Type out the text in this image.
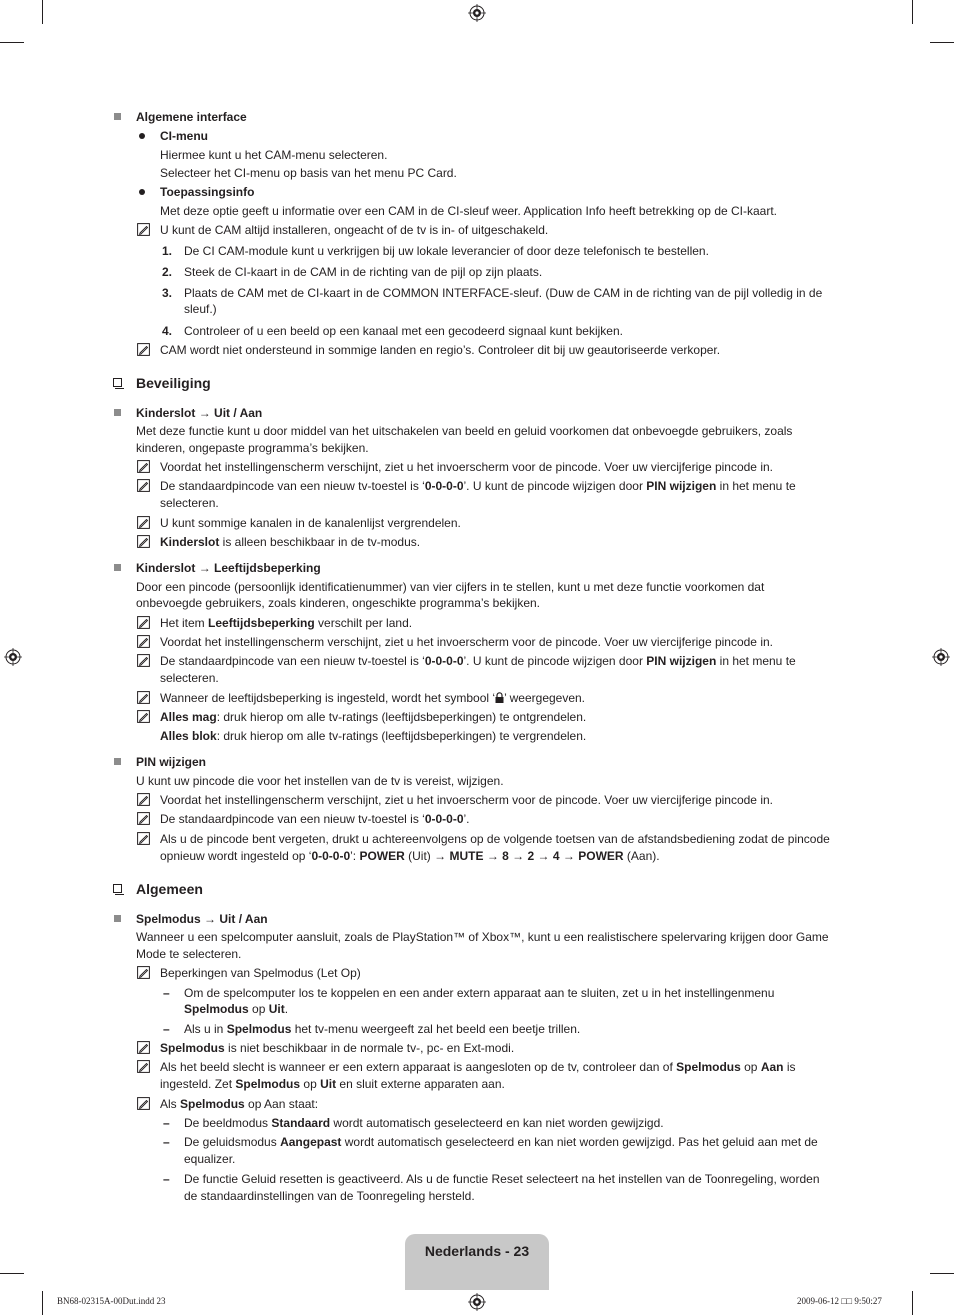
Algemene interface
CI-menu
Hiermee kunt u het CAM-menu selecteren.
Selecteer het CI-menu op basis van het menu PC Card.
Toepassingsinfo
Met deze optie geeft u informatie over een CAM in de CI-sleuf weer. Application Info heeft betrekking op de CI-kaart.
U kunt de CAM altijd installeren, ongeacht of de tv is in- of uitgeschakeld.
1. De CI CAM-module kunt u verkrijgen bij uw lokale leverancier of door deze telefonisch te bestellen.
2. Steek de CI-kaart in de CAM in de richting van de pijl op zijn plaats.
3. Plaats de CAM met de CI-kaart in de COMMON INTERFACE-sleuf. (Duw de CAM in de richting van de pijl volledig in de
sleuf.)
4. Controleer of u een beeld op een kanaal met een gecodeerd signaal kunt bekijken.
CAM wordt niet ondersteund in sommige landen en regio’s. Controleer dit bij uw geautoriseerde verkoper.
Beveiliging
Kinderslot → Uit / Aan
Met deze functie kunt u door middel van het uitschakelen van beeld en geluid voorkomen dat onbevoegde gebruikers, zoals
kinderen, ongepaste programma’s bekijken.
Voordat het instellingenscherm verschijnt, ziet u het invoerscherm voor de pincode. Voer uw viercijferige pincode in.
De standaardpincode van een nieuw tv-toestel is ‘0-0-0-0’. U kunt de pincode wijzigen door PIN wijzigen in het menu te
selecteren.
U kunt sommige kanalen in de kanalenlijst vergrendelen.
Kinderslot is alleen beschikbaar in de tv-modus.
Kinderslot → Leeftijdsbeperking
Door een pincode (persoonlijk identificatienummer) van vier cijfers in te stellen, kunt u met deze functie voorkomen dat
onbevoegde gebruikers, zoals kinderen, ongeschikte programma’s bekijken.
Het item Leeftijdsbeperking verschilt per land.
Voordat het instellingenscherm verschijnt, ziet u het invoerscherm voor de pincode. Voer uw viercijferige pincode in.
De standaardpincode van een nieuw tv-toestel is ‘0-0-0-0’. U kunt de pincode wijzigen door PIN wijzigen in het menu te
selecteren.
Wanneer de leeftijdsbeperking is ingesteld, wordt het symbool ‘ ’ weergegeven.
Alles mag: druk hierop om alle tv-ratings (leeftijdsbeperkingen) te ontgrendelen.
Alles blok: druk hierop om alle tv-ratings (leeftijdsbeperkingen) te vergrendelen.
PIN wijzigen
U kunt uw pincode die voor het instellen van de tv is vereist, wijzigen.
Voordat het instellingenscherm verschijnt, ziet u het invoerscherm voor de pincode. Voer uw viercijferige pincode in.
De standaardpincode van een nieuw tv-toestel is ‘0-0-0-0’.
Als u de pincode bent vergeten, drukt u achtereenvolgens op de volgende toetsen van de afstandsbediening zodat de pincode
opnieuw wordt ingesteld op ‘0-0-0-0’: POWER (Uit) → MUTE → 8 → 2 → 4 → POWER (Aan).
Algemeen
Spelmodus → Uit / Aan
Wanneer u een spelcomputer aansluit, zoals de PlayStation™ of Xbox™, kunt u een realistischere spelervaring krijgen door Game
Mode te selecteren.
Beperkingen van Spelmodus (Let Op)
– Om de spelcomputer los te koppelen en een ander extern apparaat aan te sluiten, zet u in het instellingenmenu
Spelmodus op Uit.
– Als u in Spelmodus het tv-menu weergeeft zal het beeld een beetje trillen.
Spelmodus is niet beschikbaar in de normale tv-, pc- en Ext-modi.
Als het beeld slecht is wanneer er een extern apparaat is aangesloten op de tv, controleer dan of Spelmodus op Aan is
ingesteld. Zet Spelmodus op Uit en sluit externe apparaten aan.
Als Spelmodus op Aan staat:
– De beeldmodus Standaard wordt automatisch geselecteerd en kan niet worden gewijzigd.
– De geluidsmodus Aangepast wordt automatisch geselecteerd en kan niet worden gewijzigd. Pas het geluid aan met de
equalizer.
– De functie Geluid resetten is geactiveerd. Als u de functie Reset selecteert na het instellen van de Toonregeling, worden
de standaardinstellingen van de Toonregeling hersteld.
Nederlands - 23
BN68-02315A-00Dut.indd 23	2009-06-12 □□ 9:50:27
